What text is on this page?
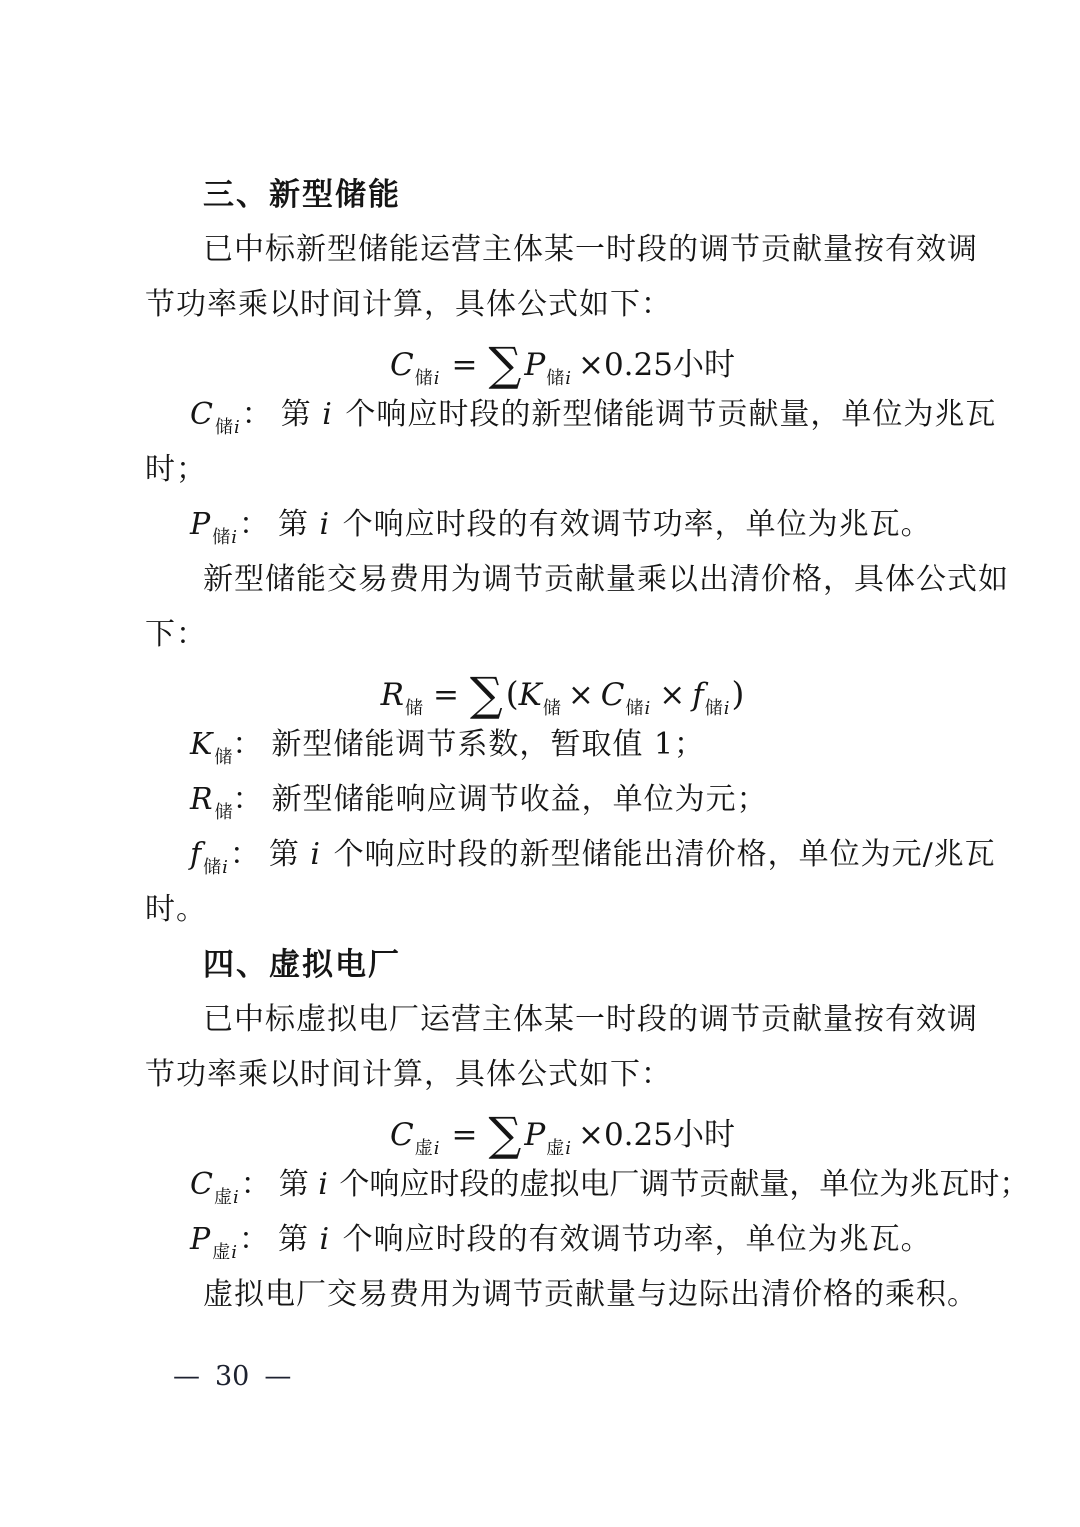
三、新型储能
已中标新型储能运营主体某一时段的调节贡献量按有效调
节功率乘以时间计算，具体公式如下：
$C_{储i} = \sum P_{储i} \times 0.25$小时
$C_{储i}$： 第 i 个响应时段的新型储能调节贡献量，单位为兆瓦
时；
$P_{储i}$： 第 i 个响应时段的有效调节功率，单位为兆瓦。
新型储能交易费用为调节贡献量乘以出清价格，具体公式如
下：
$R_储 = \sum(K_储 \times C_{储i} \times f_{储i})$
$K_储$： 新型储能调节系数，暂取值 1；
$R_储$： 新型储能响应调节收益，单位为元；
$f_{储i}$： 第 i 个响应时段的新型储能出清价格，单位为元/兆瓦
时。
四、虚拟电厂
已中标虚拟电厂运营主体某一时段的调节贡献量按有效调
节功率乘以时间计算，具体公式如下：
$C_{虚i} = \sum P_{虚i} \times 0.25$小时
$C_{虚i}$： 第 i 个响应时段的虚拟电厂调节贡献量，单位为兆瓦时；
$P_{虚i}$： 第 i 个响应时段的有效调节功率，单位为兆瓦。
虚拟电厂交易费用为调节贡献量与边际出清价格的乘积。
— 30 —
